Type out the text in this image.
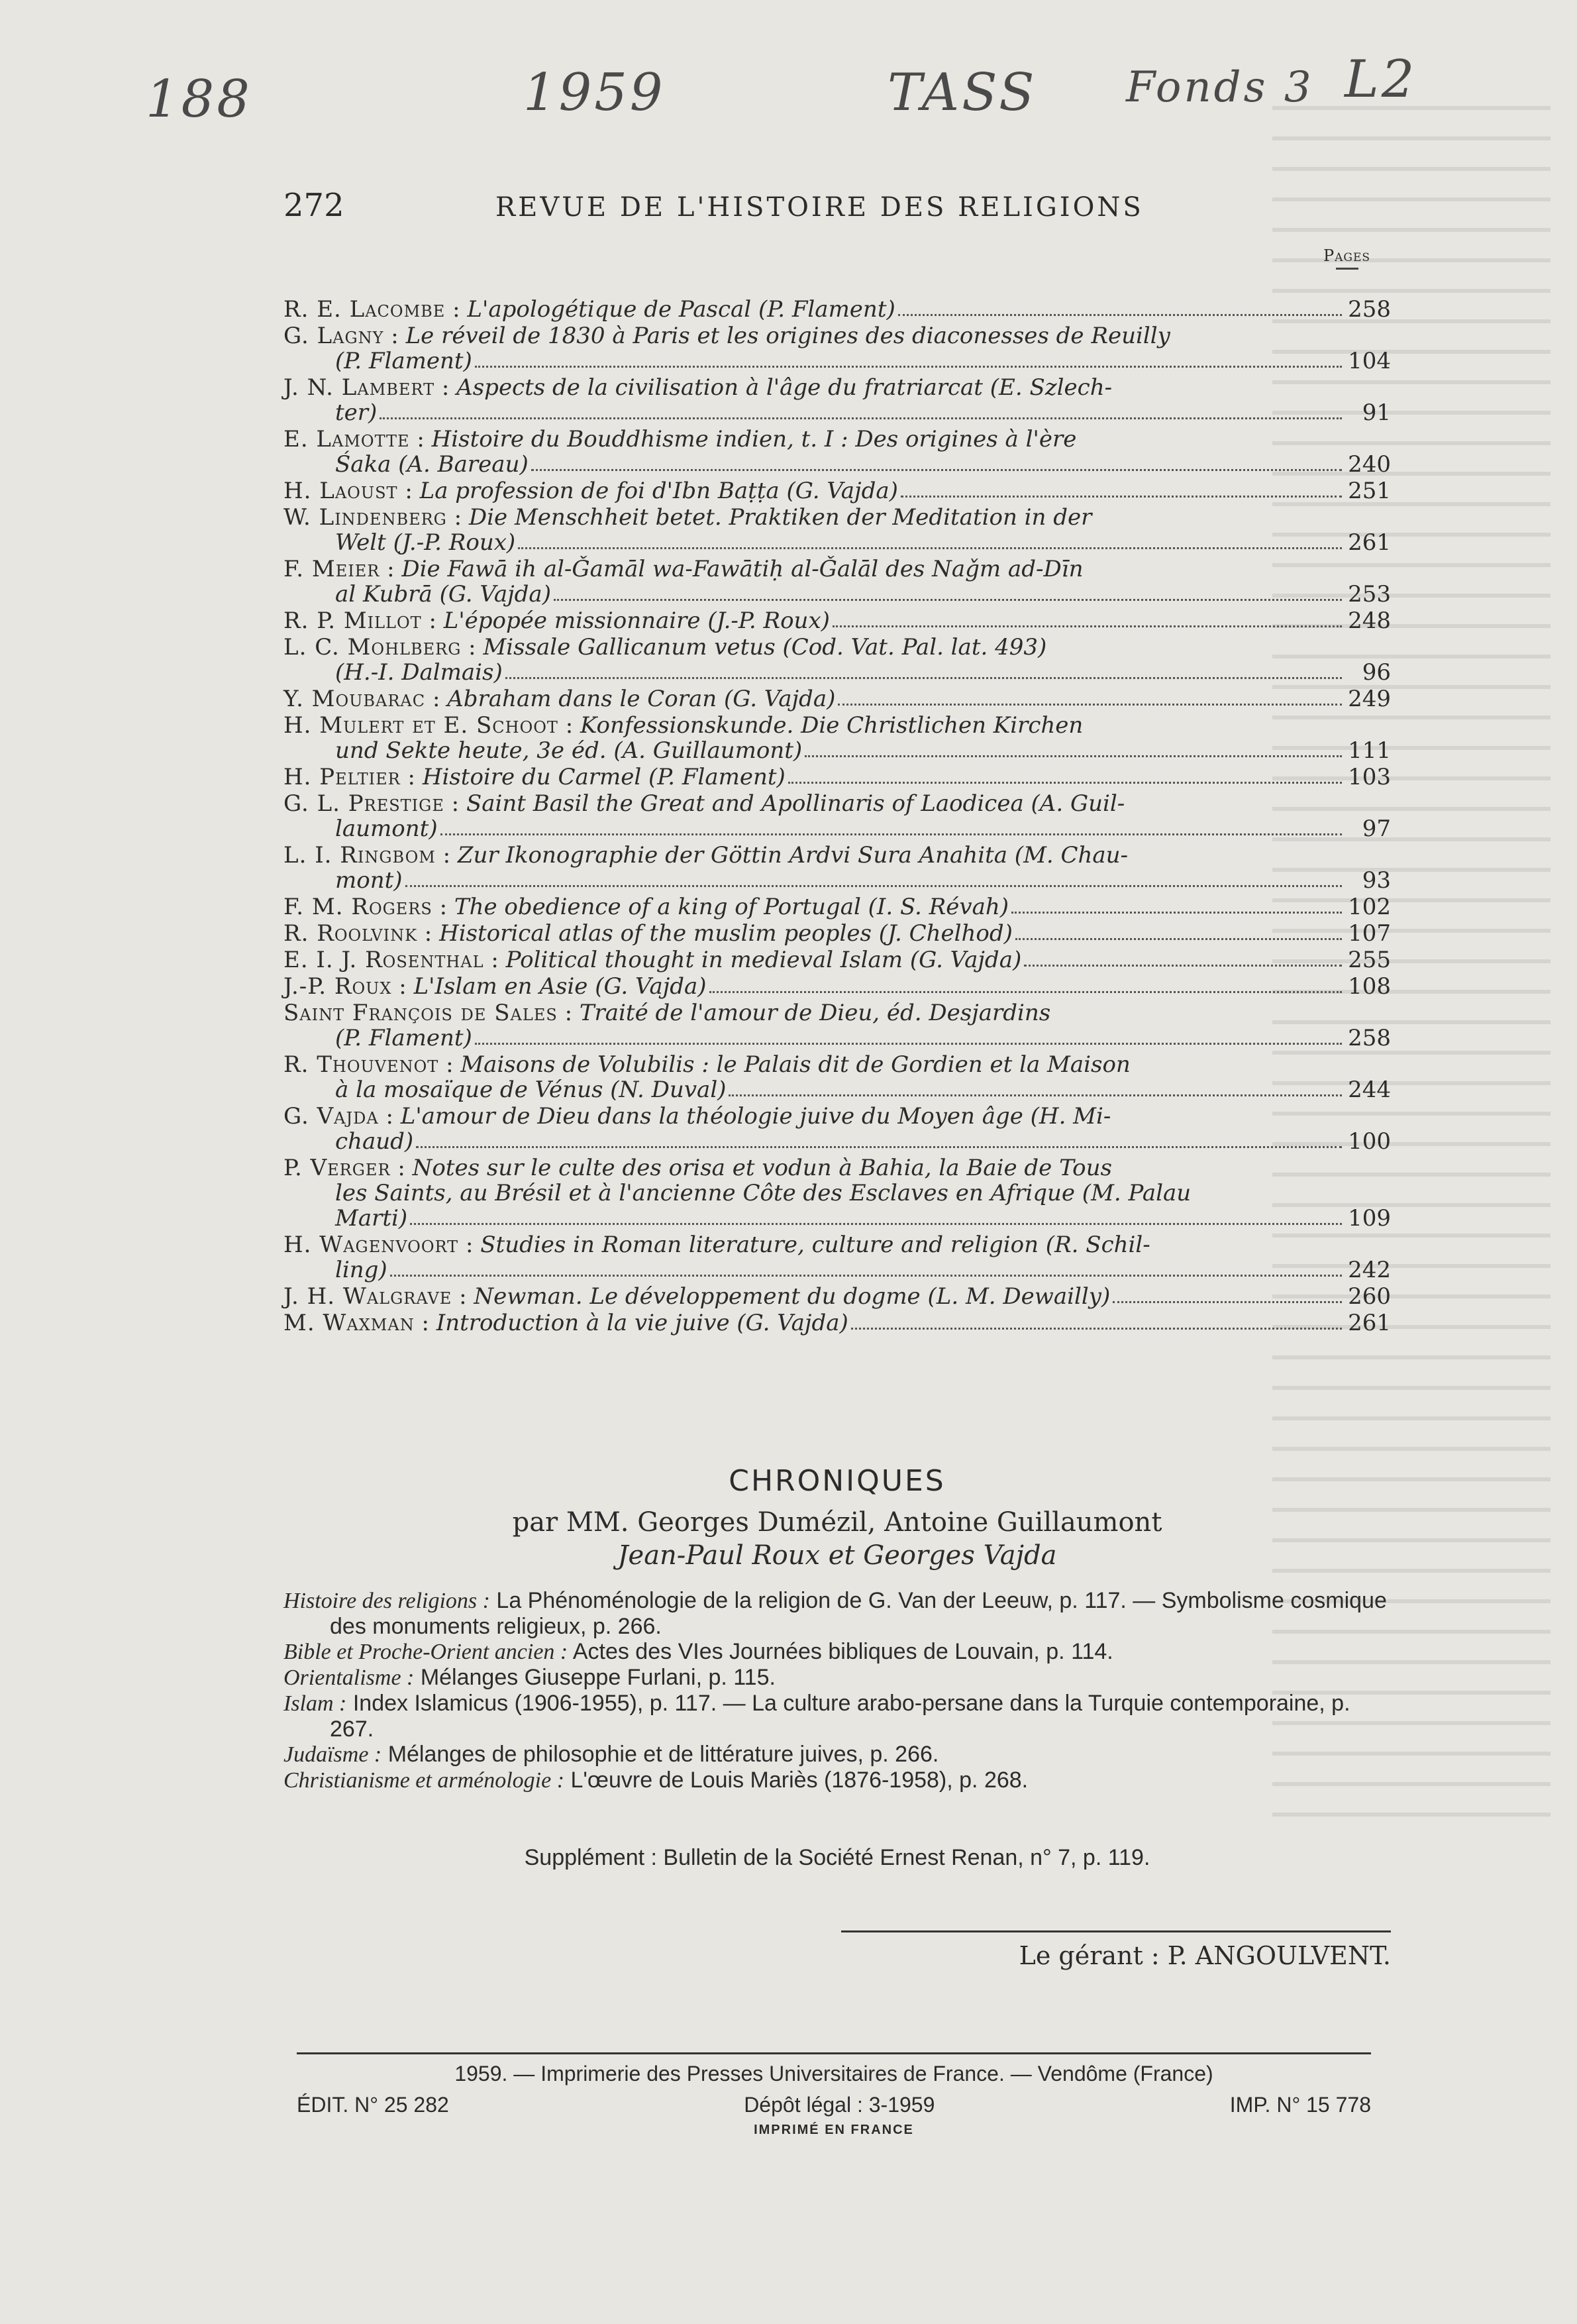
188	1959	TASS Fonds 3 L2
272	REVUE DE L'HISTOIRE DES RELIGIONS
Pages
R. E. Lacombe : L'apologétique de Pascal (P. Flament)	258
G. Lagny : Le réveil de 1830 à Paris et les origines des diaconesses de Reuilly
(P. Flament)	104
J. N. Lambert : Aspects de la civilisation à l'âge du fratriarcat (E. Szlech-
ter)	91
E. Lamotte : Histoire du Bouddhisme indien, t. I : Des origines à l'ère
Śaka (A. Bareau)	240
H. Laoust : La profession de foi d'Ibn Baṭṭa (G. Vajda)	251
W. Lindenberg : Die Menschheit betet. Praktiken der Meditation in der
Welt (J.-P. Roux)	261
F. Meier : Die Fawā ih al-Ǧamāl wa-Fawātiḥ al-Ǧalāl des Naǧm ad-Dīn
al Kubrā (G. Vajda)	253
R. P. Millot : L'épopée missionnaire (J.-P. Roux)	248
L. C. Mohlberg : Missale Gallicanum vetus (Cod. Vat. Pal. lat. 493)
(H.-I. Dalmais)	96
Y. Moubarac : Abraham dans le Coran (G. Vajda)	249
H. Mulert et E. Schoot : Konfessionskunde. Die Christlichen Kirchen
und Sekte heute, 3e éd. (A. Guillaumont)	111
H. Peltier : Histoire du Carmel (P. Flament)	103
G. L. Prestige : Saint Basil the Great and Apollinaris of Laodicea (A. Guil-
laumont)	97
L. I. Ringbom : Zur Ikonographie der Göttin Ardvi Sura Anahita (M. Chau-
mont)	93
F. M. Rogers : The obedience of a king of Portugal (I. S. Révah)	102
R. Roolvink : Historical atlas of the muslim peoples (J. Chelhod)	107
E. I. J. Rosenthal : Political thought in medieval Islam (G. Vajda)	255
J.-P. Roux : L'Islam en Asie (G. Vajda)	108
Saint François de Sales : Traité de l'amour de Dieu, éd. Desjardins
(P. Flament)	258
R. Thouvenot : Maisons de Volubilis : le Palais dit de Gordien et la Maison
à la mosaïque de Vénus (N. Duval)	244
G. Vajda : L'amour de Dieu dans la théologie juive du Moyen âge (H. Mi-
chaud)	100
P. Verger : Notes sur le culte des orisa et vodun à Bahia, la Baie de Tous
les Saints, au Brésil et à l'ancienne Côte des Esclaves en Afrique (M. Palau
Marti)	109
H. Wagenvoort : Studies in Roman literature, culture and religion (R. Schil-
ling)	242
J. H. Walgrave : Newman. Le développement du dogme (L. M. Dewailly)	260
M. Waxman : Introduction à la vie juive (G. Vajda)	261
CHRONIQUES
par MM. Georges Dumézil, Antoine Guillaumont
Jean-Paul Roux et Georges Vajda
Histoire des religions : La Phénoménologie de la religion de G. Van der Leeuw, p. 117. — Symbolisme cosmique des monuments religieux, p. 266.
Bible et Proche-Orient ancien : Actes des VIes Journées bibliques de Louvain, p. 114.
Orientalisme : Mélanges Giuseppe Furlani, p. 115.
Islam : Index Islamicus (1906-1955), p. 117. — La culture arabo-persane dans la Turquie contemporaine, p. 267.
Judaïsme : Mélanges de philosophie et de littérature juives, p. 266.
Christianisme et arménologie : L'œuvre de Louis Mariès (1876-1958), p. 268.
Supplément : Bulletin de la Société Ernest Renan, n° 7, p. 119.
Le gérant : P. ANGOULVENT.
1959. — Imprimerie des Presses Universitaires de France. — Vendôme (France)
ÉDIT. N° 25 282	Dépôt légal : 3-1959	IMP. N° 15 778
IMPRIMÉ EN FRANCE
